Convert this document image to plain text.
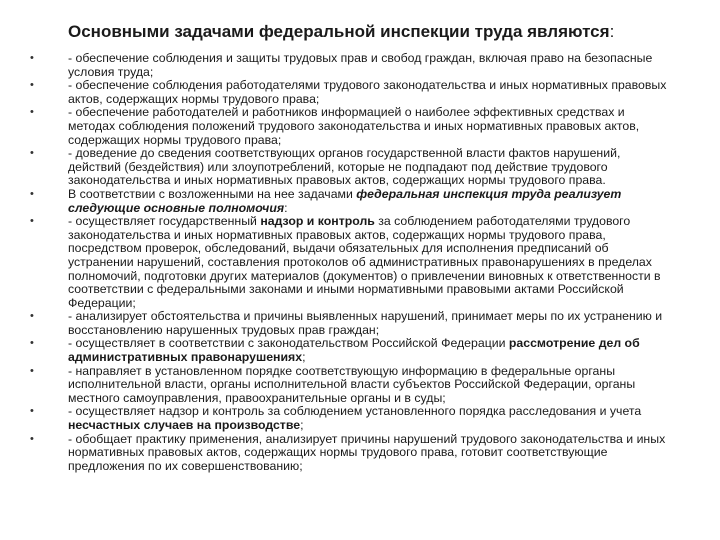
Основными задачами федеральной инспекции труда являются:
•	- обеспечение соблюдения и защиты трудовых прав и свобод граждан, включая право на безопасные условия труда;
•	- обеспечение соблюдения работодателями трудового законодательства и иных нормативных правовых актов, содержащих нормы трудового права;
•	- обеспечение работодателей и работников информацией о наиболее эффективных средствах и методах соблюдения положений трудового законодательства и иных нормативных правовых актов, содержащих нормы трудового права;
•	- доведение до сведения соответствующих органов государственной власти фактов нарушений, действий (бездействия) или злоупотреблений, которые не подпадают под действие трудового законодательства и иных нормативных правовых актов, содержащих нормы трудового права.
•	В соответствии с возложенными на нее задачами федеральная инспекция труда реализует следующие основные полномочия:
•	- осуществляет государственный надзор и контроль за соблюдением работодателями трудового законодательства и иных нормативных правовых актов, содержащих нормы трудового права, посредством проверок, обследований, выдачи обязательных для исполнения предписаний об устранении нарушений, составления протоколов об административных правонарушениях в пределах полномочий, подготовки других материалов (документов) о привлечении виновных к ответственности в соответствии с федеральными законами и иными нормативными правовыми актами Российской Федерации;
•	- анализирует обстоятельства и причины выявленных нарушений, принимает меры по их устранению и восстановлению нарушенных трудовых прав граждан;
•	- осуществляет в соответствии с законодательством Российской Федерации рассмотрение дел об административных правонарушениях;
•	- направляет в установленном порядке соответствующую информацию в федеральные органы исполнительной власти, органы исполнительной власти субъектов Российской Федерации, органы местного самоуправления, правоохранительные органы и в суды;
•	- осуществляет надзор и контроль за соблюдением установленного порядка расследования и учета несчастных случаев на производстве;
•	- обобщает практику применения, анализирует причины нарушений трудового законодательства и иных нормативных правовых актов, содержащих нормы трудового права, готовит соответствующие предложения по их совершенствованию;
